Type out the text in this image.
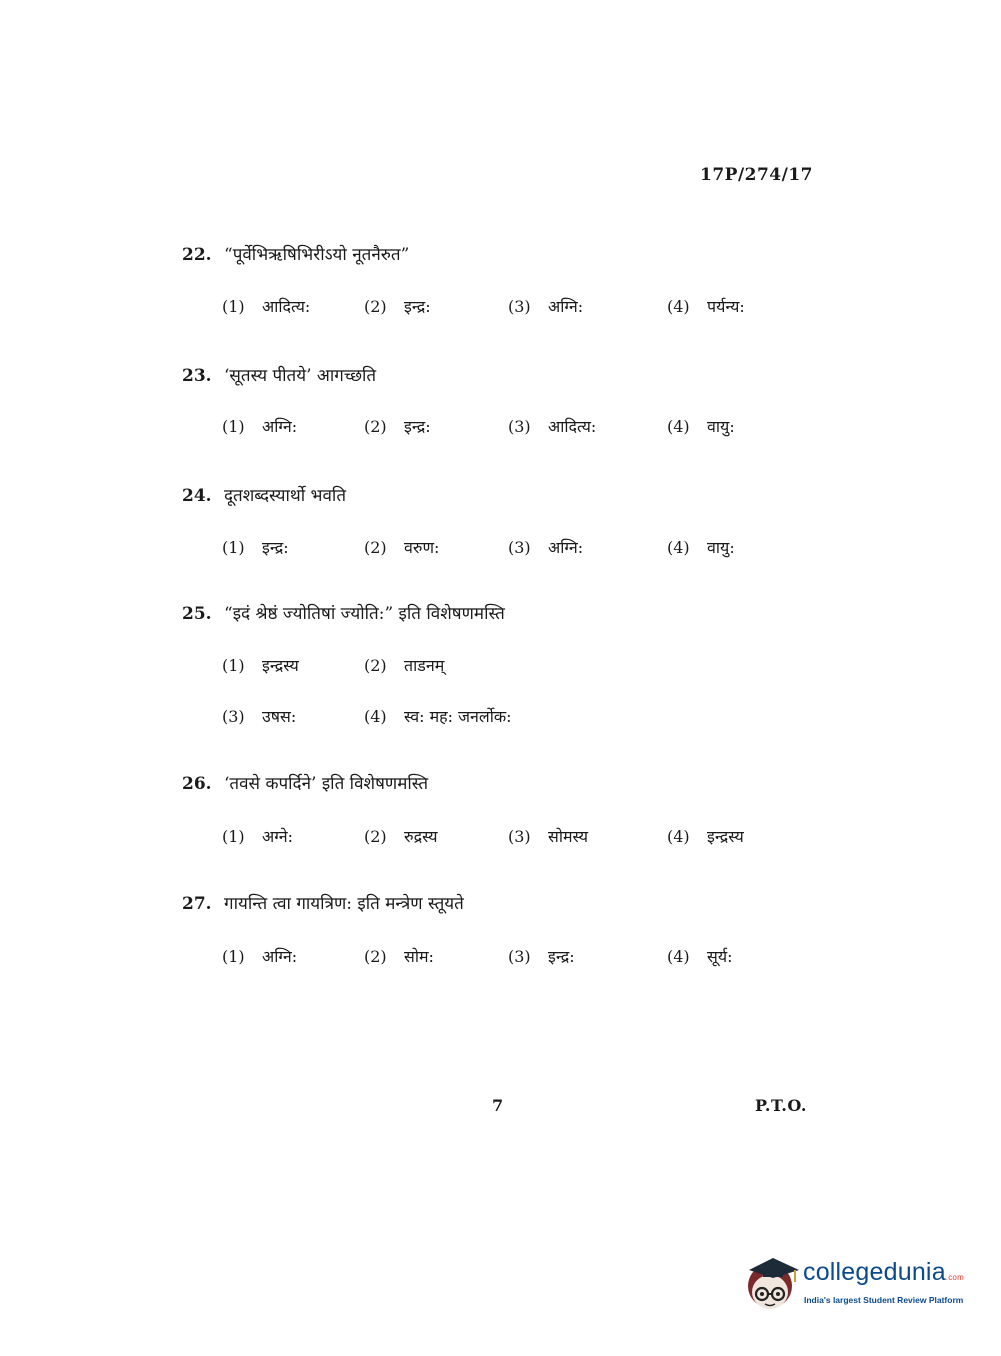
17P/274/17
22. “पूर्वेभिऋषिभिरीऽयो नूतनैरुत”
(1) आदित्य:	(2) इन्द्र:	(3) अग्नि:	(4) पर्यन्य:
23. ‘सूतस्य पीतये’ आगच्छति
(1) अग्नि:	(2) इन्द्र:	(3) आदित्य:	(4) वायु:
24. दूतशब्दस्यार्थो भवति
(1) इन्द्र:	(2) वरुण:	(3) अग्नि:	(4) वायु:
25. “इदं श्रेष्ठं ज्योतिषां ज्योति:” इति विशेषणमस्ति
(1) इन्द्रस्य	(2) ताडनम्
(3) उषस:	(4) स्व: मह: जनर्लोक:
26. ‘तवसे कपर्दिने’ इति विशेषणमस्ति
(1) अग्ने:	(2) रुद्रस्य	(3) सोमस्य	(4) इन्द्रस्य
27. गायन्ति त्वा गायत्रिण: इति मन्त्रेण स्तूयते
(1) अग्नि:	(2) सोम:	(3) इन्द्र:	(4) सूर्य:
7	P.T.O.
collegedunia.com
India's largest Student Review Platform
